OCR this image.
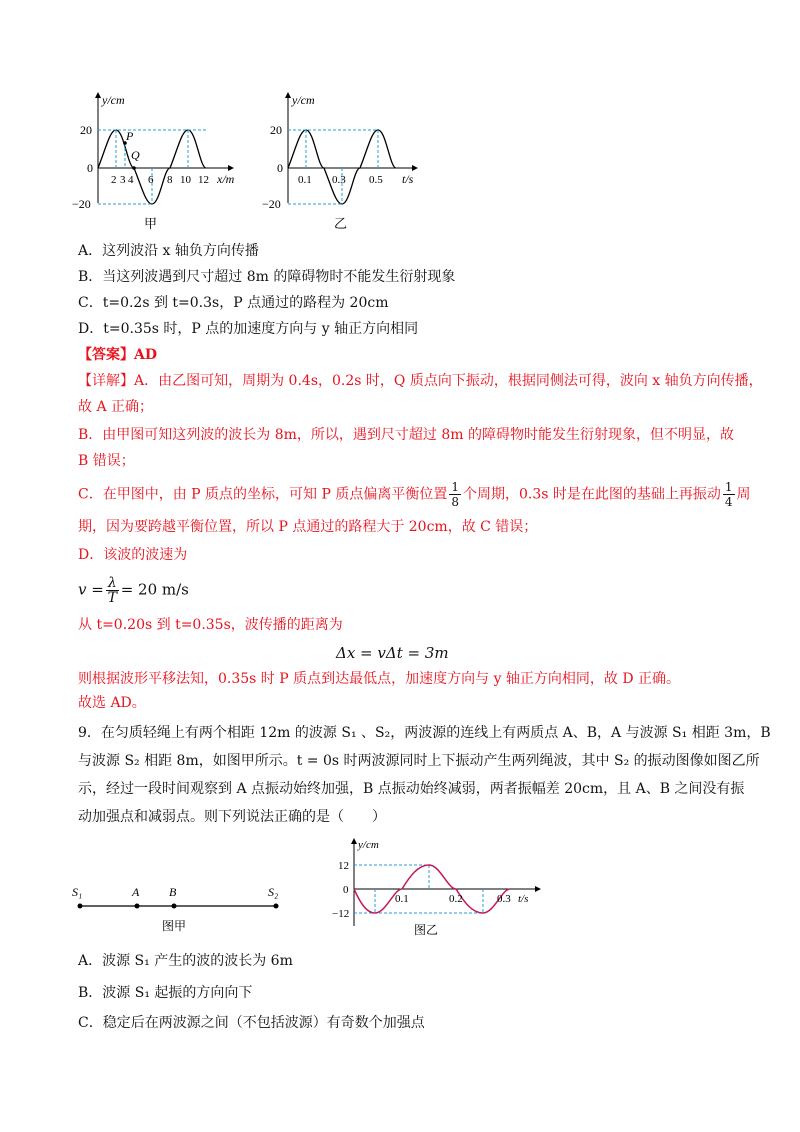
P
Q
y/cm
20
0
−20
2 3 4 6 8 10 12 x/m
甲
y/cm
20
0
−20
0.1 0.3 0.5 t/s
乙
A．这列波沿 x 轴负方向传播
B．当这列波遇到尺寸超过 8m 的障碍物时不能发生衍射现象
C．t=0.2s 到 t=0.3s，P 点通过的路程为 20cm
D．t=0.35s 时，P 点的加速度方向与 y 轴正方向相同
【答案】AD
【详解】A．由乙图可知，周期为 0.4s，0.2s 时，Q 质点向下振动，根据同侧法可得，波向 x 轴负方向传播，
故 A 正确；
B．由甲图可知这列波的波长为 8m，所以，遇到尺寸超过 8m 的障碍物时能发生衍射现象，但不明显，故
B 错误；
C．在甲图中，由 P 质点的坐标，可知 P 质点偏离平衡位置 $\frac{1}{8}$ 个周期，0.3s 时是在此图的基础上再振动 $\frac{1}{4}$ 周
期，因为要跨越平衡位置，所以 P 点通过的路程大于 20cm，故 C 错误；
D．该波的波速为
$v = \frac{\lambda}{T} = 20$ m/s
从 t=0.20s 到 t=0.35s，波传播的距离为
Δx = vΔt = 3m
则根据波形平移法知，0.35s 时 P 质点到达最低点，加速度方向与 y 轴正方向相同，故 D 正确。
故选 AD。
9．在匀质轻绳上有两个相距 12m 的波源 S₁ 、S₂，两波源的连线上有两质点 A、B，A 与波源 S₁ 相距 3m，B
与波源 S₂ 相距 8m，如图甲所示。t = 0s 时两波源同时上下振动产生两列绳波，其中 S₂ 的振动图像如图乙所
示，经过一段时间观察到 A 点振动始终加强，B 点振动始终减弱，两者振幅差 20cm，且 A、B 之间没有振
动加强点和减弱点。则下列说法正确的是（　　）
S₁	A B	S₂
图甲
y/cm
12
0
−12
0.1	0.2	0.3 t/s
图乙
A．波源 S₁ 产生的波的波长为 6m
B．波源 S₁ 起振的方向向下
C．稳定后在两波源之间（不包括波源）有奇数个加强点
